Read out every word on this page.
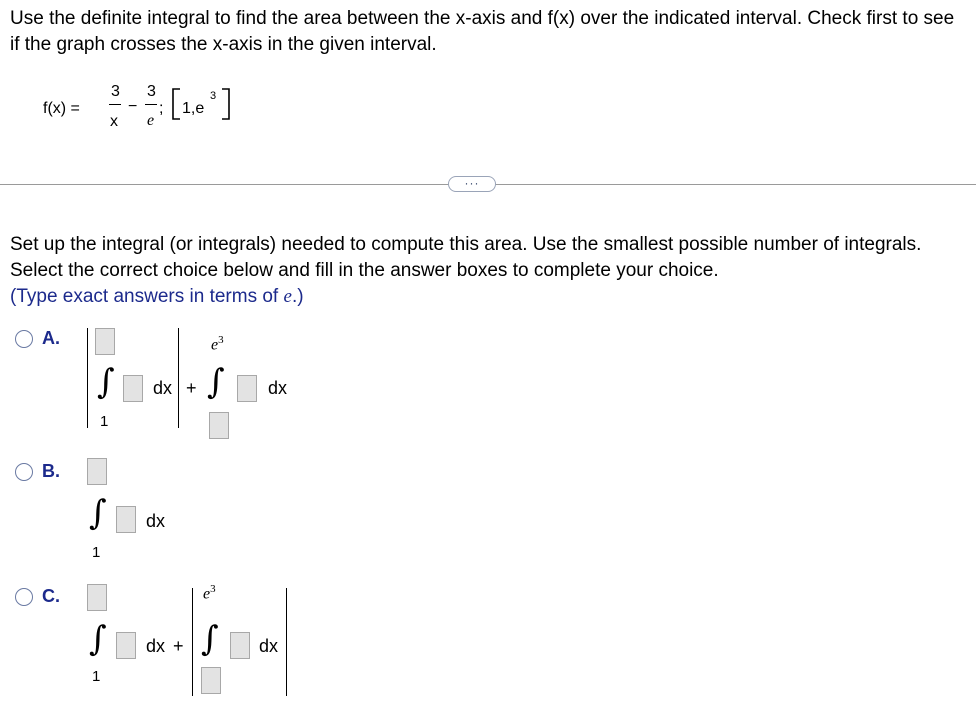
Use the definite integral to find the area between the x-axis and f(x) over the indicated interval. Check first to see if the graph crosses the x-axis in the given interval.
f(x) =
3
x
−
3
e
; 1,e
3
···
Set up the integral (or integrals) needed to compute this area. Use the smallest possible number of integrals. Select the correct choice below and fill in the answer boxes to complete your choice.
(Type exact answers in terms of e.)
A.
∫
1
dx +
$e^3$
∫ dx
B.
∫
1
dx
C.
∫
1
dx +
$e^3$
∫ dx
